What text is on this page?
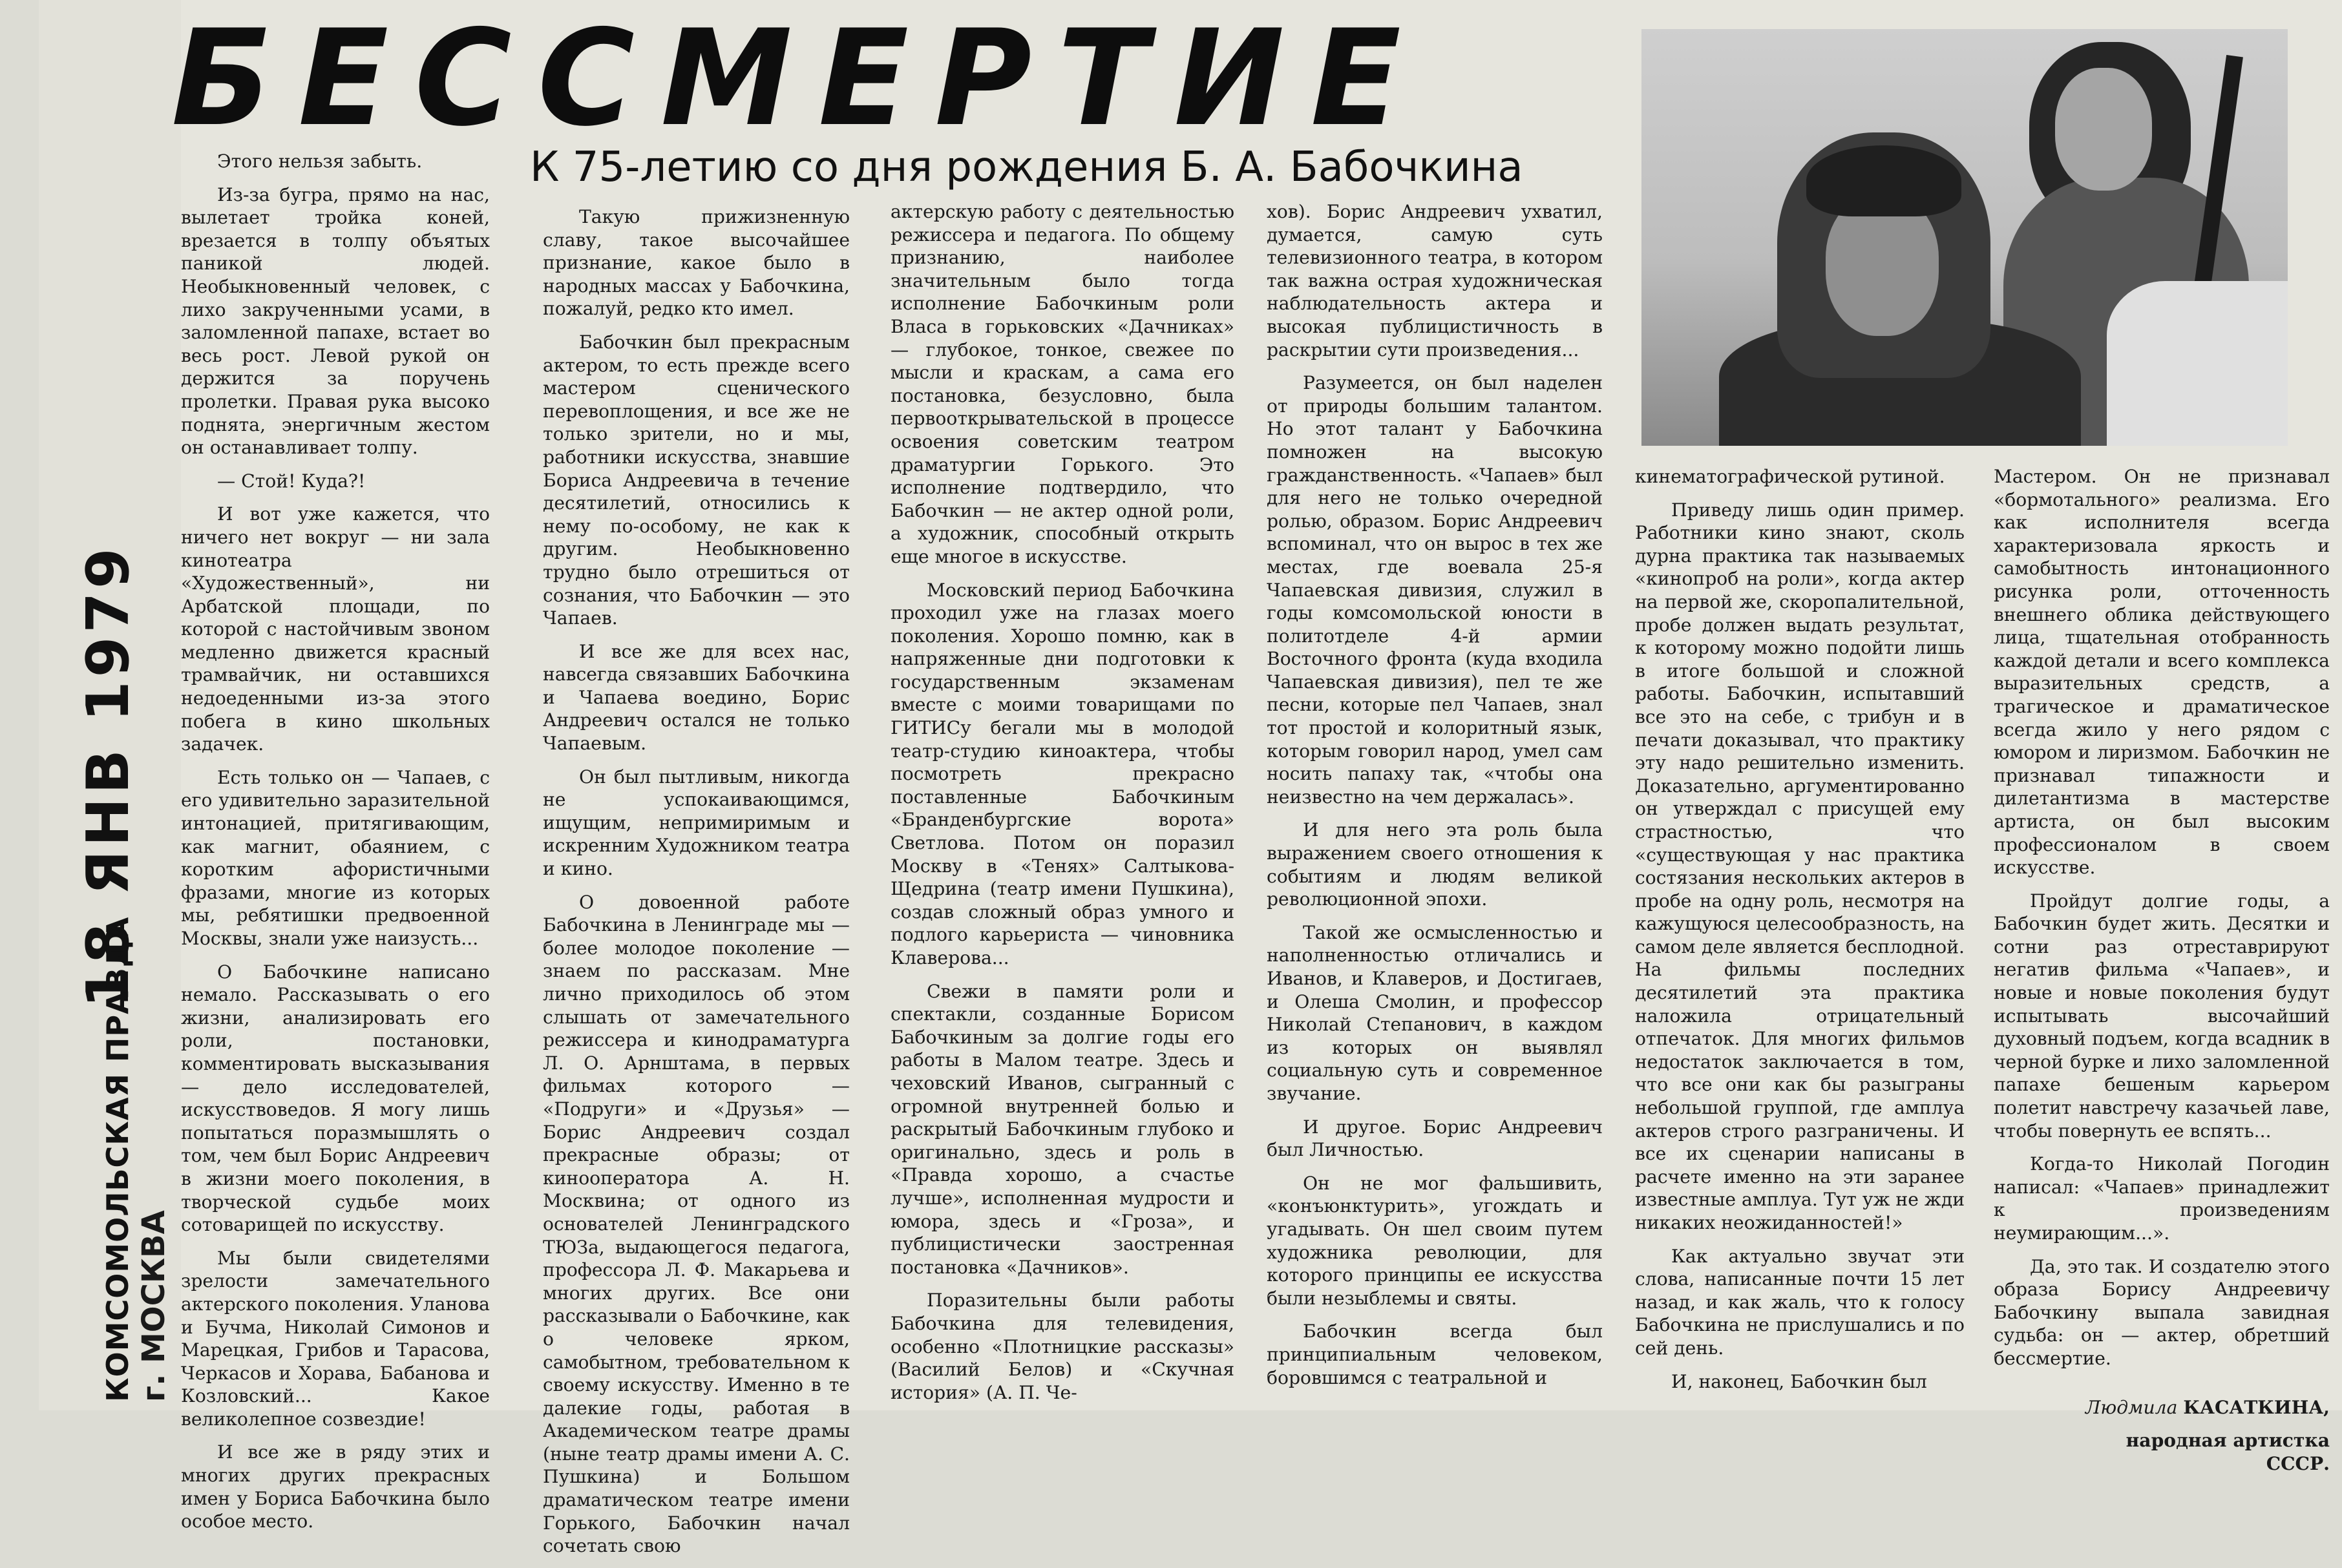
18 ЯНВ 1979
КОМСОМОЛЬСКАЯ ПРАВДА г. МОСКВА
БЕССМЕРТИЕ
К 75-летию со дня рождения Б. А. Бабочкина

Этого нельзя забыть.

Из-за бугра, прямо на нас, вылетает тройка коней, врезается в толпу объятых паникой людей. Необыкновенный человек, с лихо закрученными усами, в заломленной папахе, встает во весь рост. Левой рукой он держится за поручень пролетки. Правая рука высоко поднята, энергичным жестом он останавливает толпу.

— Стой! Куда?!

И вот уже кажется, что ничего нет вокруг — ни зала кинотеатра «Художественный», ни Арбатской площади, по которой с настойчивым звоном медленно движется красный трамвайчик, ни оставшихся недоеденными из-за этого побега в кино школьных задачек.

Есть только он — Чапаев, с его удивительно заразительной интонацией, притягивающим, как магнит, обаянием, с коротким афористичными фразами, многие из которых мы, ребятишки предвоенной Москвы, знали уже наизусть...

О Бабочкине написано немало. Рассказывать о его жизни, анализировать его роли, постановки, комментировать высказывания — дело исследователей, искусствоведов. Я могу лишь попытаться поразмышлять о том, чем был Борис Андреевич в жизни моего поколения, в творческой судьбе моих сотоварищей по искусству.

Мы были свидетелями зрелости замечательного актерского поколения. Уланова и Бучма, Николай Симонов и Марецкая, Грибов и Тарасова, Черкасов и Хорава, Бабанова и Козловский... Какое великолепное созвездие!

И все же в ряду этих и многих других прекрасных имен у Бориса Бабочкина было особое место.

Такую прижизненную славу, такое высочайшее признание, какое было в народных массах у Бабочкина, пожалуй, редко кто имел.

Бабочкин был прекрасным актером, то есть прежде всего мастером сценического перевоплощения, и все же не только зрители, но и мы, работники искусства, знавшие Бориса Андреевича в течение десятилетий, относились к нему по-особому, не как к другим. Необыкновенно трудно было отрешиться от сознания, что Бабочкин — это Чапаев.

И все же для всех нас, навсегда связавших Бабочкина и Чапаева воедино, Борис Андреевич остался не только Чапаевым.

Он был пытливым, никогда не успокаивающимся, ищущим, непримиримым и искренним Художником театра и кино.

О довоенной работе Бабочкина в Ленинграде мы — более молодое поколение — знаем по рассказам. Мне лично приходилось об этом слышать от замечательного режиссера и кинодраматурга Л. О. Арнштама, в первых фильмах которого — «Подруги» и «Друзья» — Борис Андреевич создал прекрасные образы; от кинооператора А. Н. Москвина; от одного из основателей Ленинградского ТЮЗа, выдающегося педагога, профессора Л. Ф. Макарьева и многих других. Все они рассказывали о Бабочкине, как о человеке ярком, самобытном, требовательном к своему искусству. Именно в те далекие годы, работая в Академическом театре драмы (ныне театр драмы имени А. С. Пушкина) и Большом драматическом театре имени Горького, Бабочкин начал сочетать свою

актерскую работу с деятельностью режиссера и педагога. По общему признанию, наиболее значительным было тогда исполнение Бабочкиным роли Власа в горьковских «Дачниках» — глубокое, тонкое, свежее по мысли и краскам, а сама его постановка, безусловно, была первооткрывательской в процессе освоения советским театром драматургии Горького. Это исполнение подтвердило, что Бабочкин — не актер одной роли, а художник, способный открыть еще многое в искусстве.

Московский период Бабочкина проходил уже на глазах моего поколения. Хорошо помню, как в напряженные дни подготовки к государственным экзаменам вместе с моими товарищами по ГИТИСу бегали мы в молодой театр-студию киноактера, чтобы посмотреть прекрасно поставленные Бабочкиным «Бранденбургские ворота» Светлова. Потом он поразил Москву в «Тенях» Салтыкова-Щедрина (театр имени Пушкина), создав сложный образ умного и подлого карьериста — чиновника Клаверова...

Свежи в памяти роли и спектакли, созданные Борисом Бабочкиным за долгие годы его работы в Малом театре. Здесь и чеховский Иванов, сыгранный с огромной внутренней болью и раскрытый Бабочкиным глубоко и оригинально, здесь и роль в «Правда хорошо, а счастье лучше», исполненная мудрости и юмора, здесь и «Гроза», и публицистически заостренная постановка «Дачников».

Поразительны были работы Бабочкина для телевидения, особенно «Плотницкие рассказы» (Василий Белов) и «Скучная история» (А. П. Че-

хов). Борис Андреевич ухватил, думается, самую суть телевизионного театра, в котором так важна острая художническая наблюдательность актера и высокая публицистичность в раскрытии сути произведения...

Разумеется, он был наделен от природы большим талантом. Но этот талант у Бабочкина помножен на высокую гражданственность. «Чапаев» был для него не только очередной ролью, образом. Борис Андреевич вспоминал, что он вырос в тех же местах, где воевала 25-я Чапаевская дивизия, служил в годы комсомольской юности в политотделе 4-й армии Восточного фронта (куда входила Чапаевская дивизия), пел те же песни, которые пел Чапаев, знал тот простой и колоритный язык, которым говорил народ, умел сам носить папаху так, «чтобы она неизвестно на чем держалась».

И для него эта роль была выражением своего отношения к событиям и людям великой революционной эпохи.

Такой же осмысленностью и наполненностью отличались и Иванов, и Клаверов, и Достигаев, и Олеша Смолин, и профессор Николай Степанович, в каждом из которых он выявлял социальную суть и современное звучание.

И другое. Борис Андреевич был Личностью.

Он не мог фальшивить, «конъюнктурить», угождать и угадывать. Он шел своим путем художника революции, для которого принципы ее искусства были незыблемы и святы.

Бабочкин всегда был принципиальным человеком, боровшимся с театральной и

кинематографической рутиной.

Приведу лишь один пример. Работники кино знают, сколь дурна практика так называемых «кинопроб на роли», когда актер на первой же, скоропалительной, пробе должен выдать результат, к которому можно подойти лишь в итоге большой и сложной работы. Бабочкин, испытавший все это на себе, с трибун и в печати доказывал, что практику эту надо решительно изменить. Доказательно, аргументированно он утверждал с присущей ему страстностью, что «существующая у нас практика состязания нескольких актеров в пробе на одну роль, несмотря на кажущуюся целесообразность, на самом деле является бесплодной. На фильмы последних десятилетий эта практика наложила отрицательный отпечаток. Для многих фильмов недостаток заключается в том, что все они как бы разыграны небольшой группой, где амплуа актеров строго разграничены. И все их сценарии написаны в расчете именно на эти заранее известные амплуа. Тут уж не жди никаких неожиданностей!»

Как актуально звучат эти слова, написанные почти 15 лет назад, и как жаль, что к голосу Бабочкина не прислушались и по сей день.

И, наконец, Бабочкин был

Мастером. Он не признавал «бормотального» реализма. Его как исполнителя всегда характеризовала яркость и самобытность интонационного рисунка роли, отточенность внешнего облика действующего лица, тщательная отобранность каждой детали и всего комплекса выразительных средств, а трагическое и драматическое всегда жило у него рядом с юмором и лиризмом. Бабочкин не признавал типажности и дилетантизма в мастерстве артиста, он был высоким профессионалом в своем искусстве.

Пройдут долгие годы, а Бабочкин будет жить. Десятки и сотни раз отреставрируют негатив фильма «Чапаев», и новые и новые поколения будут испытывать высочайший духовный подъем, когда всадник в черной бурке и лихо заломленной папахе бешеным карьером полетит навстречу казачьей лаве, чтобы повернуть ее вспять...

Когда-то Николай Погодин написал: «Чапаев» принадлежит к произведениям неумирающим...».

Да, это так. И создателю этого образа Борису Андреевичу Бабочкину выпала завидная судьба: он — актер, обретший бессмертие.

Людмила КАСАТКИНА,

народная артистка

СССР.
